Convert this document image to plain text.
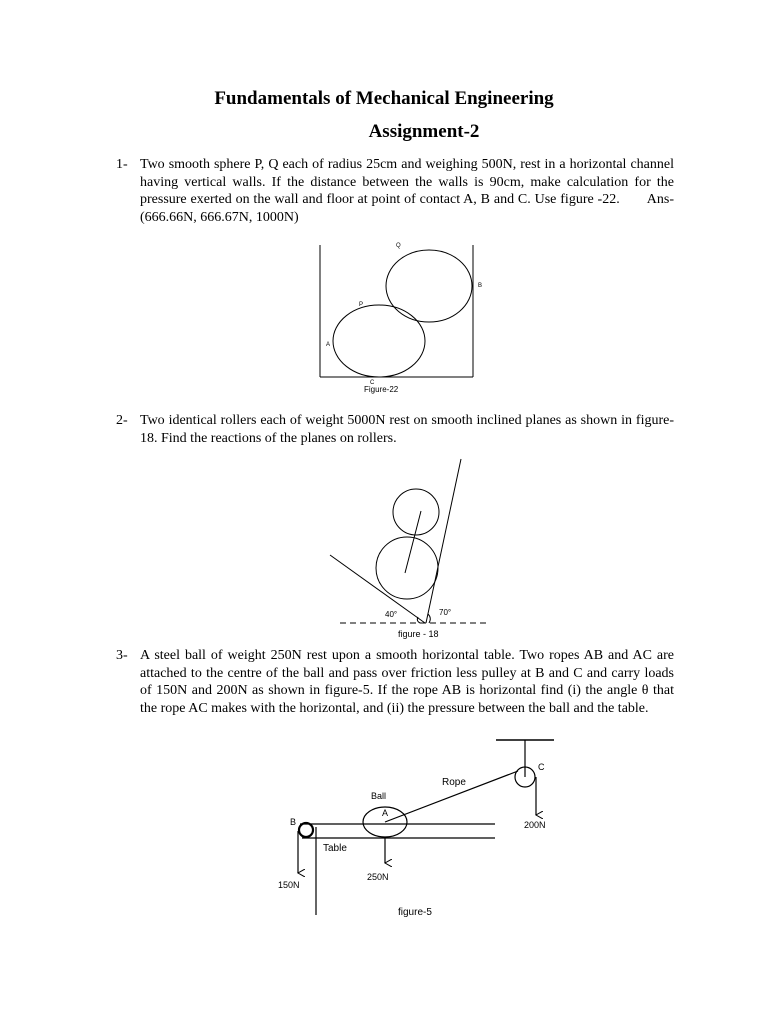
Fundamentals of Mechanical Engineering
Assignment-2
1- Two smooth sphere P, Q each of radius 25cm and weighing 500N, rest in a horizontal channel having vertical walls. If the distance between the walls is 90cm, make calculation for the pressure exerted on the wall and floor at point of contact A, B and C. Use figure -22.       Ans- (666.66N, 666.67N, 1000N)
Q
B
P
A
C
Figure-22
2- Two identical rollers each of weight 5000N rest on smooth inclined planes as shown in figure- 18. Find the reactions of the planes on rollers.
40°	70°
figure - 18
3- A steel ball of weight 250N rest upon a smooth horizontal table. Two ropes AB and AC are attached to the centre of the ball and pass over friction less pulley at B and C and carry loads of 150N and 200N as shown in figure-5. If the rope AB is horizontal find (i) the angle θ that the rope AC makes with the horizontal, and (ii) the pressure between the ball and the table.
Ball
A
B
C
Rope
Table
150N
250N
200N
figure-5
